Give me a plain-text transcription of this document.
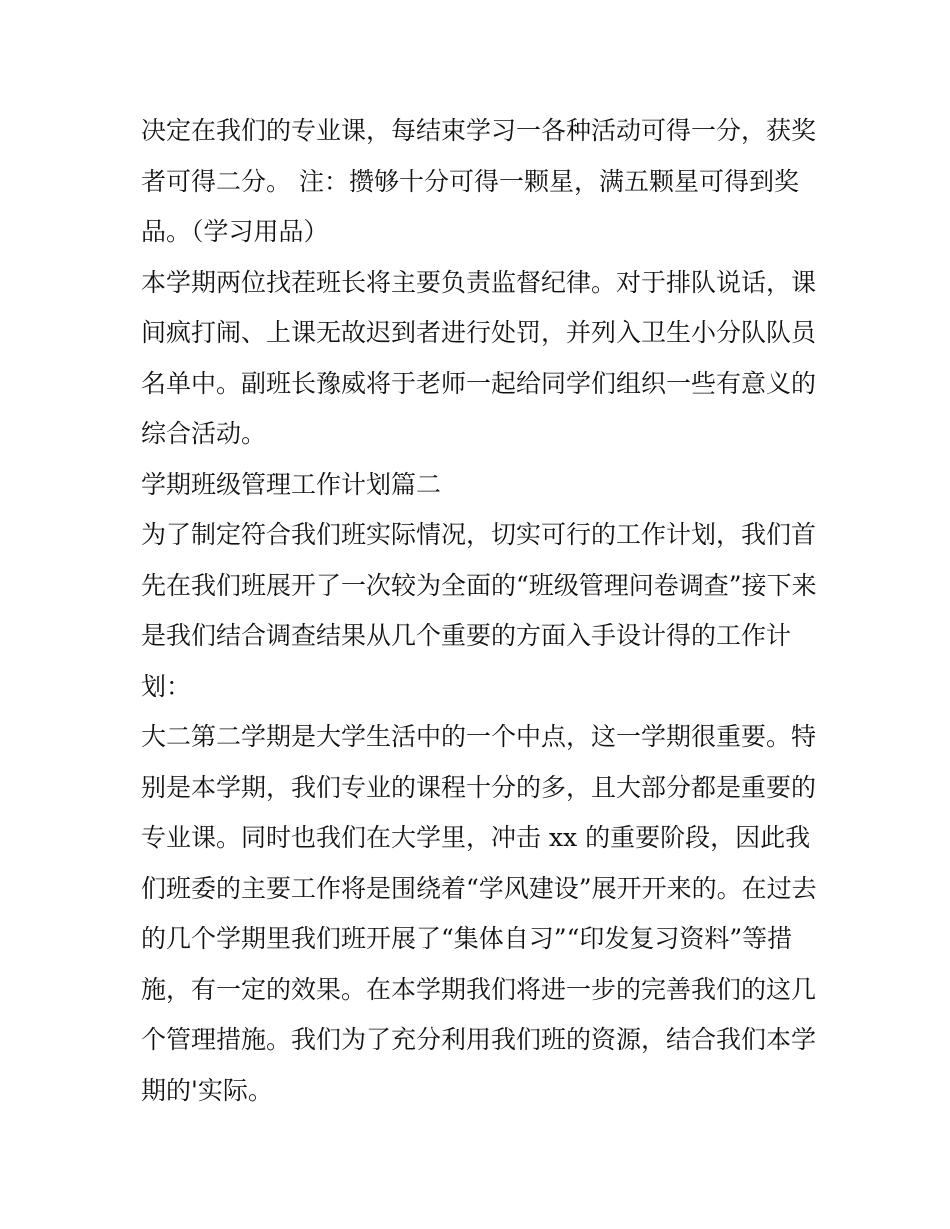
决定在我们的专业课，每结束学习一各种活动可得一分，获奖
者可得二分。 注：攒够十分可得一颗星，满五颗星可得到奖
品。（学习用品）
本学期两位找茬班长将主要负责监督纪律。对于排队说话，课
间疯打闹、上课无故迟到者进行处罚，并列入卫生小分队队员
名单中。副班长豫威将于老师一起给同学们组织一些有意义的
综合活动。
学期班级管理工作计划篇二
为了制定符合我们班实际情况，切实可行的工作计划，我们首
先在我们班展开了一次较为全面的“班级管理问卷调查”接下来
是我们结合调查结果从几个重要的方面入手设计得的工作计
划：
大二第二学期是大学生活中的一个中点，这一学期很重要。特
别是本学期，我们专业的课程十分的多，且大部分都是重要的
专业课。同时也我们在大学里，冲击 xx 的重要阶段，因此我
们班委的主要工作将是围绕着“学风建设”展开开来的。在过去
的几个学期里我们班开展了“集体自习”“印发复习资料”等措
施，有一定的效果。在本学期我们将进一步的完善我们的这几
个管理措施。我们为了充分利用我们班的资源，结合我们本学
期的'实际。
